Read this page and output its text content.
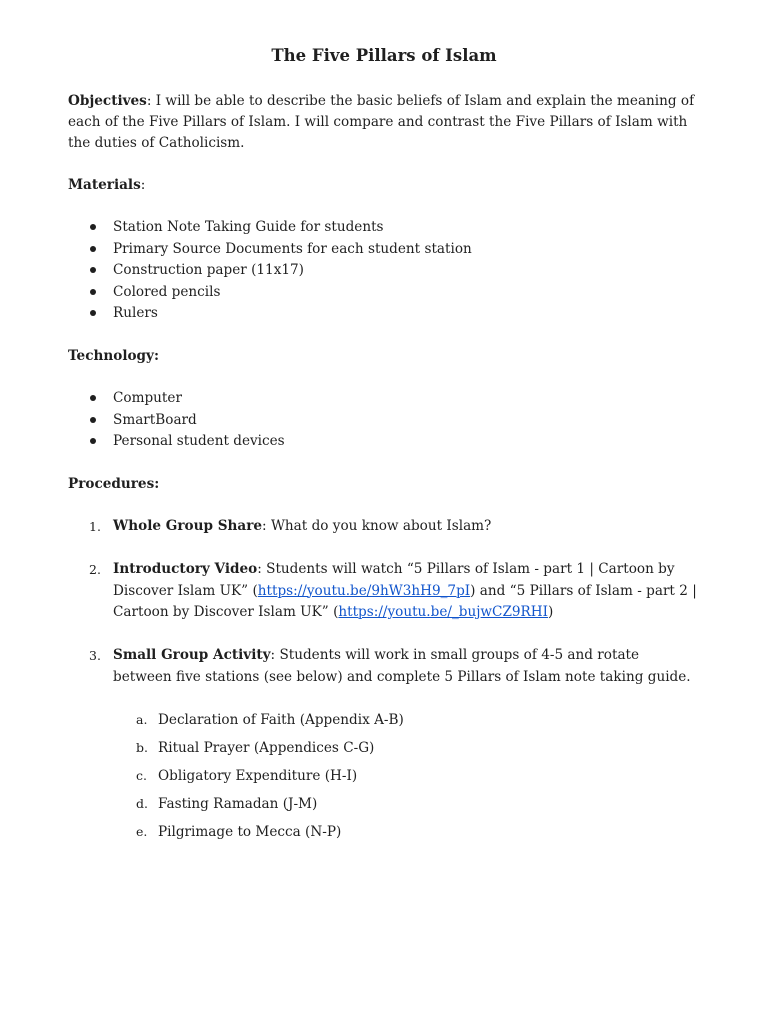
The Five Pillars of Islam
Objectives: I will be able to describe the basic beliefs of Islam and explain the meaning of each of the Five Pillars of Islam. I will compare and contrast the Five Pillars of Islam with the duties of Catholicism.
Materials:
Station Note Taking Guide for students
Primary Source Documents for each student station
Construction paper (11x17)
Colored pencils
Rulers
Technology:
Computer
SmartBoard
Personal student devices
Procedures:
1. Whole Group Share: What do you know about Islam?
2. Introductory Video: Students will watch “5 Pillars of Islam - part 1 | Cartoon by Discover Islam UK” (https://youtu.be/9hW3hH9_7pI) and “5 Pillars of Islam - part 2 | Cartoon by Discover Islam UK” (https://youtu.be/_bujwCZ9RHI)
3. Small Group Activity: Students will work in small groups of 4-5 and rotate between five stations (see below) and complete 5 Pillars of Islam note taking guide.
a. Declaration of Faith (Appendix A-B)
b. Ritual Prayer (Appendices C-G)
c. Obligatory Expenditure (H-I)
d. Fasting Ramadan (J-M)
e. Pilgrimage to Mecca (N-P)
